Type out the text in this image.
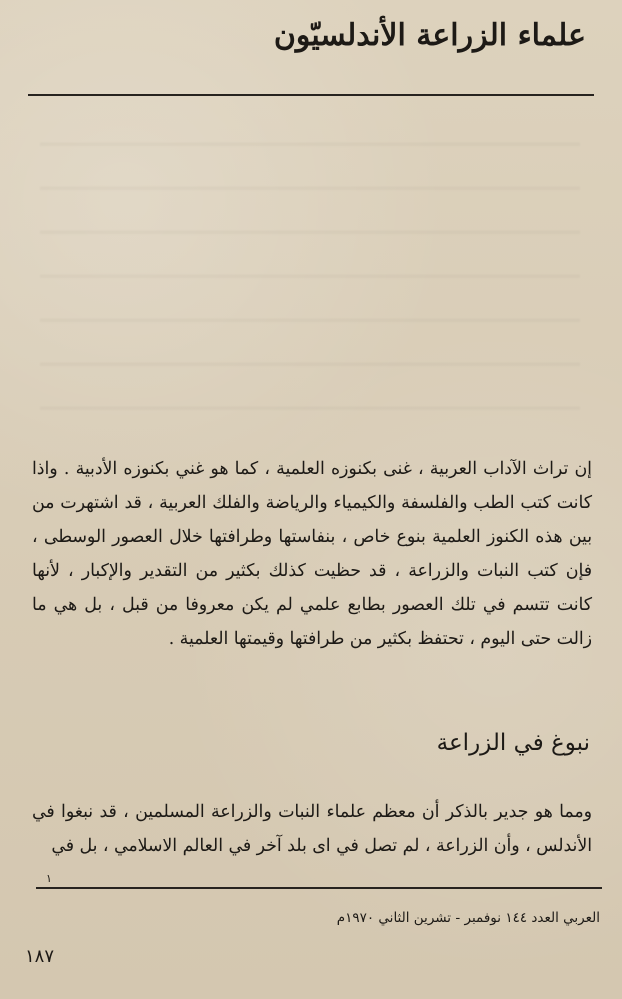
علماء الزراعة الأندلسيّون

إن تراث الآداب العربية ، غنى بكنوزه العلمية ، كما هو غني بكنوزه الأدبية . واذا كانت كتب الطب والفلسفة والكيمياء والرياضة والفلك العربية ، قد اشتهرت من بين هذه الكنوز العلمية بنوع خاص ، بنفاستها وطرافتها خلال العصور الوسطى ، فإن كتب النبات والزراعة ، قد حظيت كذلك بكثير من التقدير والإكبار ، لأنها كانت تتسم في تلك العصور بطابع علمي لم يكن معروفا من قبل ، بل هي ما زالت حتى اليوم ، تحتفظ بكثير من طرافتها وقيمتها العلمية .

نبوغ في الزراعة

ومما هو جدير بالذكر أن معظم علماء النبات والزراعة المسلمين ، قد نبغوا في الأندلس ، وأن الزراعة ، لم تصل في اى بلد آخر في العالم الاسلامي ، بل في

١
العربي العدد ١٤٤ نوفمبر - تشرين الثاني ١٩٧٠م
١٨٧
